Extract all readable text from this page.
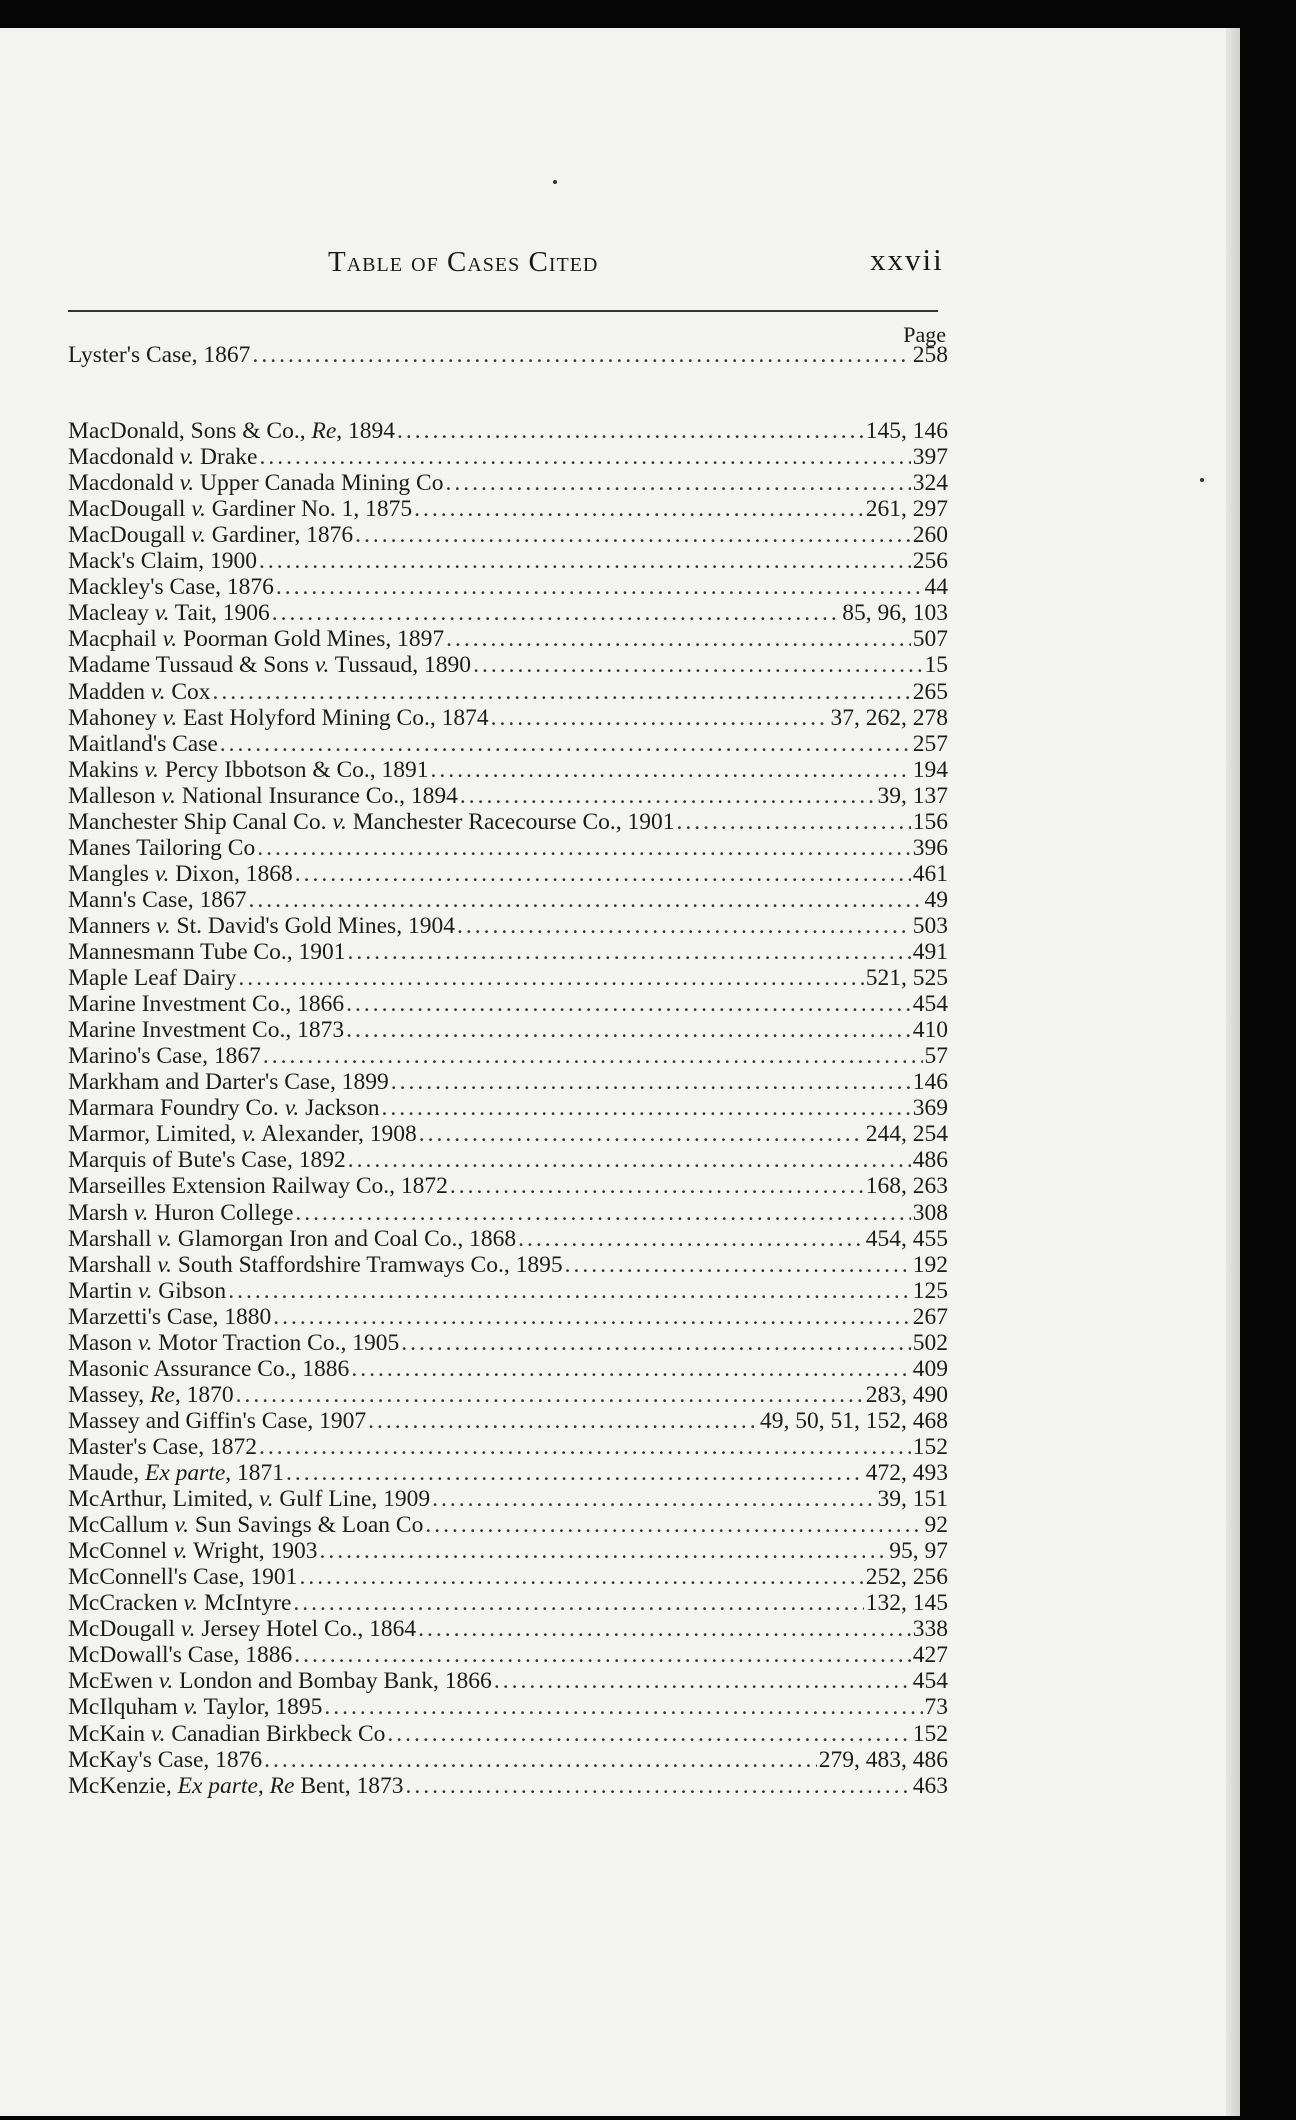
Table of Cases Cited	xxvii
Page
Lyster's Case, 1867 .....	258
MacDonald, Sons & Co., Re, 1894 .....	145, 146
Macdonald v. Drake .....	397
Macdonald v. Upper Canada Mining Co .....	324
MacDougall v. Gardiner No. 1, 1875 .....	261, 297
MacDougall v. Gardiner, 1876 .....	260
Mack's Claim, 1900 .....	256
Mackley's Case, 1876 .....	44
Macleay v. Tait, 1906 .....	85, 96, 103
Macphail v. Poorman Gold Mines, 1897 .....	507
Madame Tussaud & Sons v. Tussaud, 1890 .....	15
Madden v. Cox .....	265
Mahoney v. East Holyford Mining Co., 1874 .....	37, 262, 278
Maitland's Case .....	257
Makins v. Percy Ibbotson & Co., 1891 .....	194
Malleson v. National Insurance Co., 1894 .....	39, 137
Manchester Ship Canal Co. v. Manchester Racecourse Co., 1901 .....	156
Manes Tailoring Co .....	396
Mangles v. Dixon, 1868 .....	461
Mann's Case, 1867 .....	49
Manners v. St. David's Gold Mines, 1904 .....	503
Mannesmann Tube Co., 1901 .....	491
Maple Leaf Dairy .....	521, 525
Marine Investment Co., 1866 .....	454
Marine Investment Co., 1873 .....	410
Marino's Case, 1867 .....	57
Markham and Darter's Case, 1899 .....	146
Marmara Foundry Co. v. Jackson .....	369
Marmor, Limited, v. Alexander, 1908 .....	244, 254
Marquis of Bute's Case, 1892 .....	486
Marseilles Extension Railway Co., 1872 .....	168, 263
Marsh v. Huron College .....	308
Marshall v. Glamorgan Iron and Coal Co., 1868 .....	454, 455
Marshall v. South Staffordshire Tramways Co., 1895 .....	192
Martin v. Gibson .....	125
Marzetti's Case, 1880 .....	267
Mason v. Motor Traction Co., 1905 .....	502
Masonic Assurance Co., 1886 .....	409
Massey, Re, 1870 .....	283, 490
Massey and Giffin's Case, 1907 .....	49, 50, 51, 152, 468
Master's Case, 1872 .....	152
Maude, Ex parte, 1871 .....	472, 493
McArthur, Limited, v. Gulf Line, 1909 .....	39, 151
McCallum v. Sun Savings & Loan Co .....	92
McConnel v. Wright, 1903 .....	95, 97
McConnell's Case, 1901 .....	252, 256
McCracken v. McIntyre .....	132, 145
McDougall v. Jersey Hotel Co., 1864 .....	338
McDowall's Case, 1886 .....	427
McEwen v. London and Bombay Bank, 1866 .....	454
McIlquham v. Taylor, 1895 .....	73
McKain v. Canadian Birkbeck Co .....	152
McKay's Case, 1876 .....	279, 483, 486
McKenzie, Ex parte, Re Bent, 1873 .....	463
